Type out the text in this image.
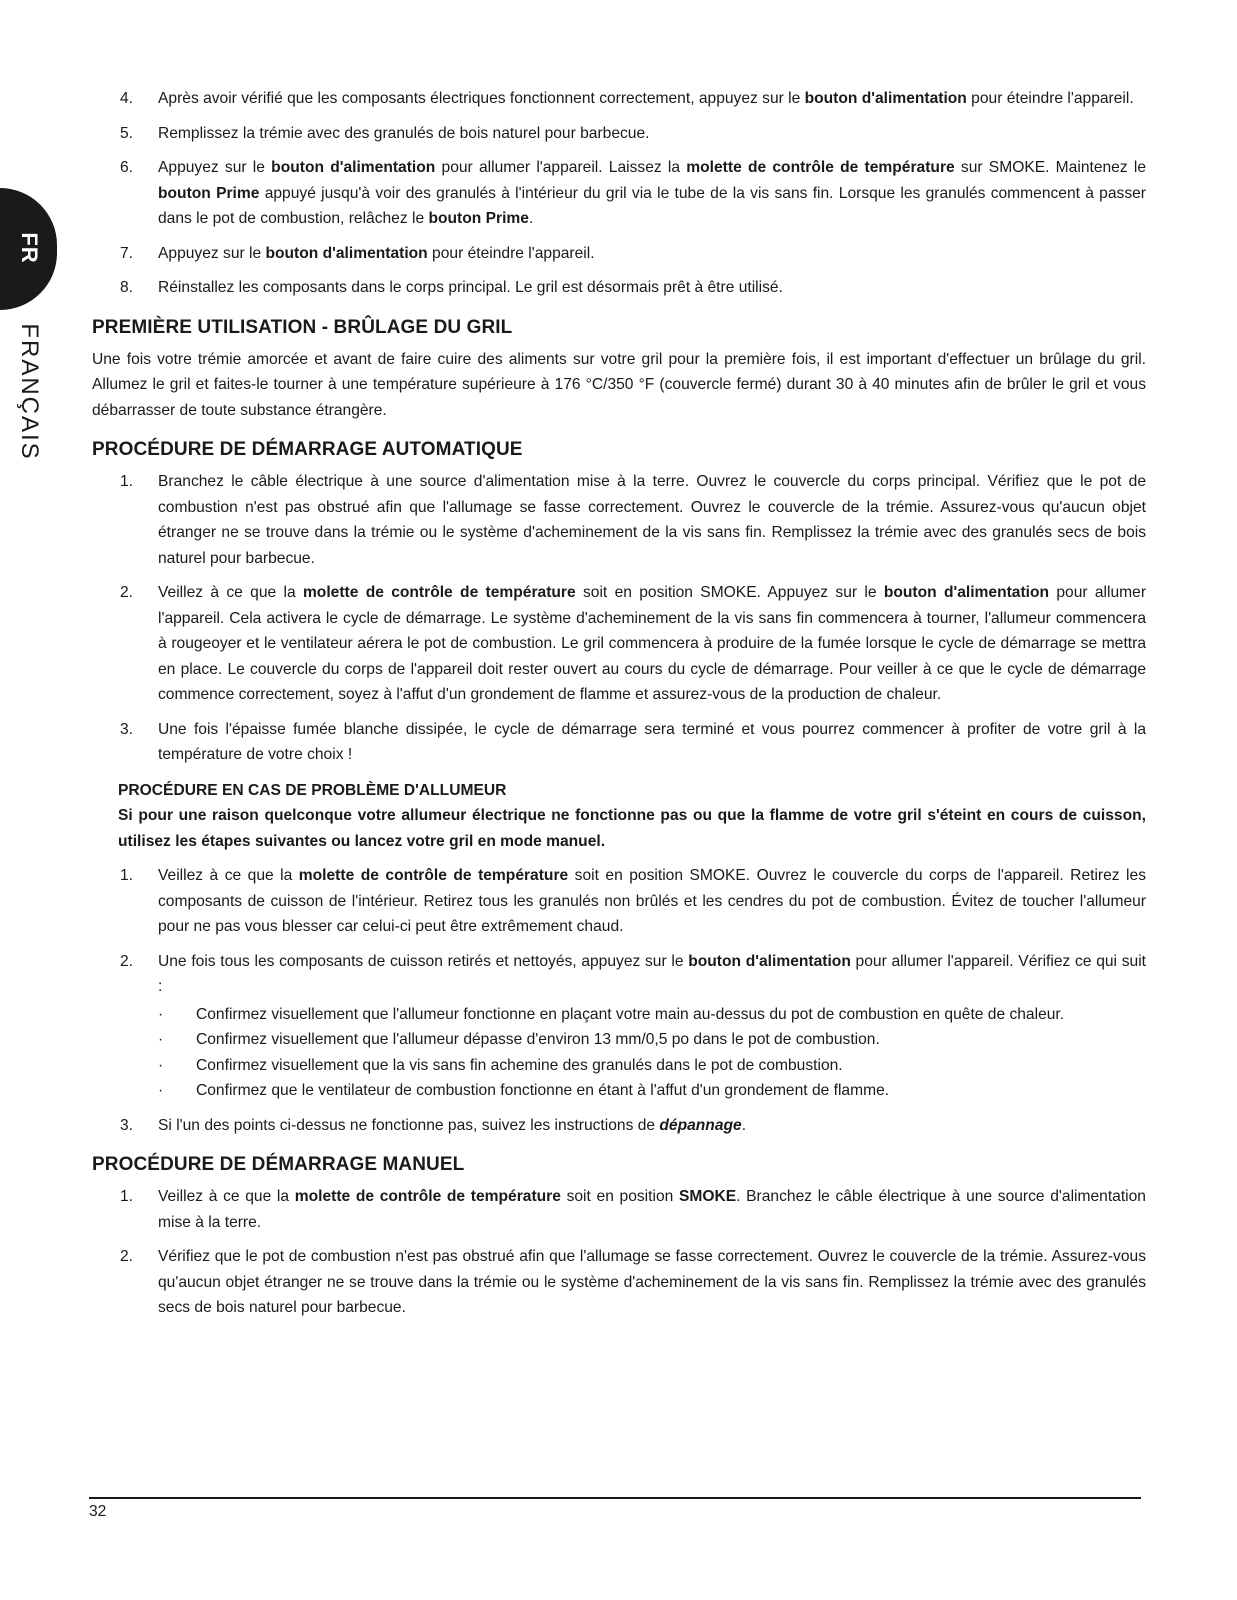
FR
FRANÇAIS
4. Après avoir vérifié que les composants électriques fonctionnent correctement, appuyez sur le bouton d'alimentation pour éteindre l'appareil.
5. Remplissez la trémie avec des granulés de bois naturel pour barbecue.
6. Appuyez sur le bouton d'alimentation pour allumer l'appareil. Laissez la molette de contrôle de température sur SMOKE. Maintenez le bouton Prime appuyé jusqu'à voir des granulés à l'intérieur du gril via le tube de la vis sans fin. Lorsque les granulés commencent à passer dans le pot de combustion, relâchez le bouton Prime.
7. Appuyez sur le bouton d'alimentation pour éteindre l'appareil.
8. Réinstallez les composants dans le corps principal. Le gril est désormais prêt à être utilisé.
PREMIÈRE UTILISATION - BRÛLAGE DU GRIL

Une fois votre trémie amorcée et avant de faire cuire des aliments sur votre gril pour la première fois, il est important d'effectuer un brûlage du gril. Allumez le gril et faites-le tourner à une température supérieure à 176 °C/350 °F (couvercle fermé) durant 30 à 40 minutes afin de brûler le gril et vous débarrasser de toute substance étrangère.

PROCÉDURE DE DÉMARRAGE AUTOMATIQUE
1. Branchez le câble électrique à une source d'alimentation mise à la terre. Ouvrez le couvercle du corps principal. Vérifiez que le pot de combustion n'est pas obstrué afin que l'allumage se fasse correctement. Ouvrez le couvercle de la trémie. Assurez-vous qu'aucun objet étranger ne se trouve dans la trémie ou le système d'acheminement de la vis sans fin. Remplissez la trémie avec des granulés secs de bois naturel pour barbecue.
2. Veillez à ce que la molette de contrôle de température soit en position SMOKE. Appuyez sur le bouton d'alimentation pour allumer l'appareil. Cela activera le cycle de démarrage. Le système d'acheminement de la vis sans fin commencera à tourner, l'allumeur commencera à rougeoyer et le ventilateur aérera le pot de combustion. Le gril commencera à produire de la fumée lorsque le cycle de démarrage se mettra en place. Le couvercle du corps de l'appareil doit rester ouvert au cours du cycle de démarrage. Pour veiller à ce que le cycle de démarrage commence correctement, soyez à l'affut d'un grondement de flamme et assurez-vous de la production de chaleur.
3. Une fois l'épaisse fumée blanche dissipée, le cycle de démarrage sera terminé et vous pourrez commencer à profiter de votre gril à la température de votre choix !
PROCÉDURE EN CAS DE PROBLÈME D'ALLUMEUR

Si pour une raison quelconque votre allumeur électrique ne fonctionne pas ou que la flamme de votre gril s'éteint en cours de cuisson, utilisez les étapes suivantes ou lancez votre gril en mode manuel.

1. Veillez à ce que la molette de contrôle de température soit en position SMOKE. Ouvrez le couvercle du corps de l'appareil. Retirez les composants de cuisson de l'intérieur. Retirez tous les granulés non brûlés et les cendres du pot de combustion. Évitez de toucher l'allumeur pour ne pas vous blesser car celui-ci peut être extrêmement chaud.
2. Une fois tous les composants de cuisson retirés et nettoyés, appuyez sur le bouton d'alimentation pour allumer l'appareil. Vérifiez ce qui suit :
· Confirmez visuellement que l'allumeur fonctionne en plaçant votre main au-dessus du pot de combustion en quête de chaleur.
· Confirmez visuellement que l'allumeur dépasse d'environ 13 mm/0,5 po dans le pot de combustion.
· Confirmez visuellement que la vis sans fin achemine des granulés dans le pot de combustion.
· Confirmez que le ventilateur de combustion fonctionne en étant à l'affut d'un grondement de flamme.
3. Si l'un des points ci-dessus ne fonctionne pas, suivez les instructions de dépannage.
PROCÉDURE DE DÉMARRAGE MANUEL
1. Veillez à ce que la molette de contrôle de température soit en position SMOKE. Branchez le câble électrique à une source d'alimentation mise à la terre.
2. Vérifiez que le pot de combustion n'est pas obstrué afin que l'allumage se fasse correctement. Ouvrez le couvercle de la trémie. Assurez-vous qu'aucun objet étranger ne se trouve dans la trémie ou le système d'acheminement de la vis sans fin. Remplissez la trémie avec des granulés secs de bois naturel pour barbecue.
32
